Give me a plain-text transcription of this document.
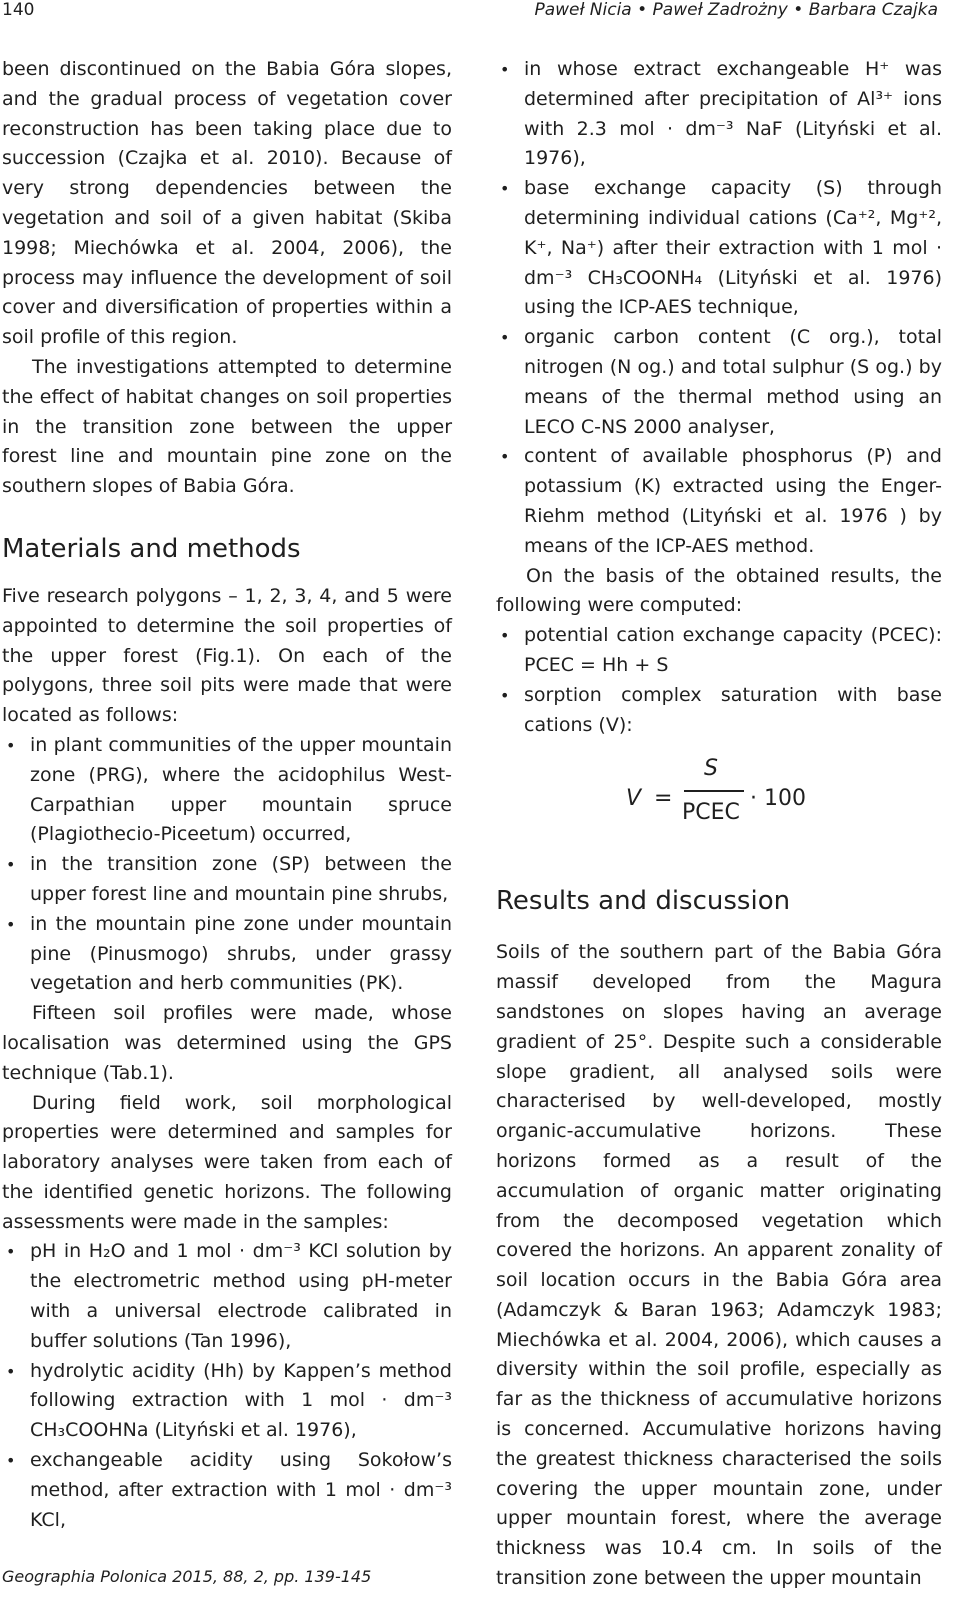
140	Paweł Nicia • Paweł Zadrożny • Barbara Czajka

been discontinued on the Babia Góra slopes, and the gradual process of vegetation cover reconstruction has been taking place due to succession (Czajka et al. 2010). Because of very strong dependencies between the vegetation and soil of a given habitat (Skiba 1998; Miechówka et al. 2004, 2006), the process may influence the development of soil cover and diversification of properties within a soil profile of this region.

The investigations attempted to determine the effect of habitat changes on soil properties in the transition zone between the upper forest line and mountain pine zone on the southern slopes of Babia Góra.

Materials and methods

Five research polygons – 1, 2, 3, 4, and 5 were appointed to determine the soil properties of the upper forest (Fig.1). On each of the polygons, three soil pits were made that were located as follows:

• in plant communities of the upper mountain zone (PRG), where the acidophilus West-Carpathian upper mountain spruce (Plagiothecio-Piceetum) occurred,
• in the transition zone (SP) between the upper forest line and mountain pine shrubs,
• in the mountain pine zone under mountain pine (Pinusmogo) shrubs, under grassy vegetation and herb communities (PK).

Fifteen soil profiles were made, whose localisation was determined using the GPS technique (Tab.1).

During field work, soil morphological properties were determined and samples for laboratory analyses were taken from each of the identified genetic horizons. The following assessments were made in the samples:

• pH in H₂O and 1 mol · dm⁻³ KCl solution by the electrometric method using pH-meter with a universal electrode calibrated in buffer solutions (Tan 1996),
• hydrolytic acidity (Hh) by Kappen’s method following extraction with 1 mol · dm⁻³ CH₃COOHNa (Lityński et al. 1976),
• exchangeable acidity using Sokołow’s method, after extraction with 1 mol · dm⁻³ KCl,
• in whose extract exchangeable H⁺ was determined after precipitation of Al³⁺ ions with 2.3 mol · dm⁻³ NaF (Lityński et al. 1976),
• base exchange capacity (S) through determining individual cations (Ca⁺², Mg⁺², K⁺, Na⁺) after their extraction with 1 mol · dm⁻³ CH₃COONH₄ (Lityński et al. 1976) using the ICP-AES technique,
• organic carbon content (C org.), total nitrogen (N og.) and total sulphur (S og.) by means of the thermal method using an LECO C-NS 2000 analyser,
• content of available phosphorus (P) and potassium (K) extracted using the Enger-Riehm method (Lityński et al. 1976 ) by means of the ICP-AES method.

On the basis of the obtained results, the following were computed:

• potential cation exchange capacity (PCEC): PCEC = Hh + S
• sorption complex saturation with base cations (V):
V =
S
PCEC
· 100
Results and discussion

Soils of the southern part of the Babia Góra massif developed from the Magura sandstones on slopes having an average gradient of 25°. Despite such a considerable slope gradient, all analysed soils were characterised by well-developed, mostly organic-accumulative horizons. These horizons formed as a result of the accumulation of organic matter originating from the decomposed vegetation which covered the horizons. An apparent zonality of soil location occurs in the Babia Góra area (Adamczyk & Baran 1963; Adamczyk 1983; Miechówka et al. 2004, 2006), which causes a diversity within the soil profile, especially as far as the thickness of accumulative horizons is concerned. Accumulative horizons having the greatest thickness characterised the soils covering the upper mountain zone, under upper mountain forest, where the average thickness was 10.4 cm. In soils of the transition zone between the upper mountain

Geographia Polonica 2015, 88, 2, pp. 139-145
